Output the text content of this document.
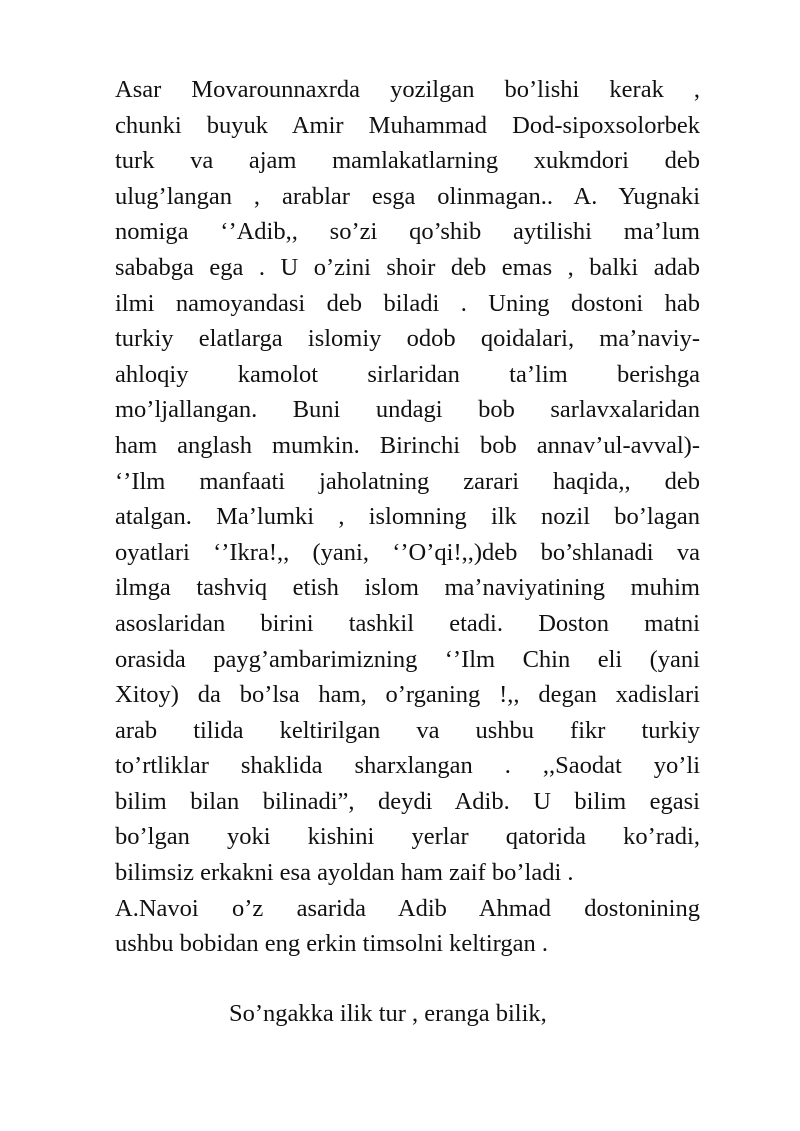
Asar Movarounnaxrda yozilgan bo’lishi kerak ,
chunki buyuk Amir Muhammad Dod-sipoxsolorbek
turk va ajam mamlakatlarning xukmdori deb
ulug’langan , arablar esga olinmagan.. A. Yugnaki
nomiga ‘’Adib,, so’zi qo’shib aytilishi ma’lum
sababga ega . U o’zini shoir deb emas , balki adab
ilmi namoyandasi deb biladi . Uning dostoni hab
turkiy elatlarga islomiy odob qoidalari, ma’naviy-
ahloqiy kamolot sirlaridan ta’lim berishga
mo’ljallangan. Buni undagi bob sarlavxalaridan
ham anglash mumkin. Birinchi bob annav’ul-avval)-
‘’Ilm manfaati jaholatning zarari haqida,, deb
atalgan. Ma’lumki , islomning ilk nozil bo’lagan
oyatlari ‘’Ikra!,, (yani, ‘’O’qi!,,)deb bo’shlanadi va
ilmga tashviq etish islom ma’naviyatining muhim
asoslaridan birini tashkil etadi. Doston matni
orasida payg’ambarimizning ‘’Ilm Chin eli (yani
Xitoy) da bo’lsa ham, o’rganing !,, degan xadislari
arab tilida keltirilgan va ushbu fikr turkiy
to’rtliklar shaklida sharxlangan . ,,Saodat yo’li
bilim bilan bilinadi”, deydi Adib. U bilim egasi
bo’lgan yoki kishini yerlar qatorida ko’radi,
bilimsiz erkakni esa ayoldan ham zaif bo’ladi .
A.Navoi o’z asarida Adib Ahmad dostonining
ushbu bobidan eng erkin timsolni keltirgan .
So’ngakka ilik tur , eranga bilik,
